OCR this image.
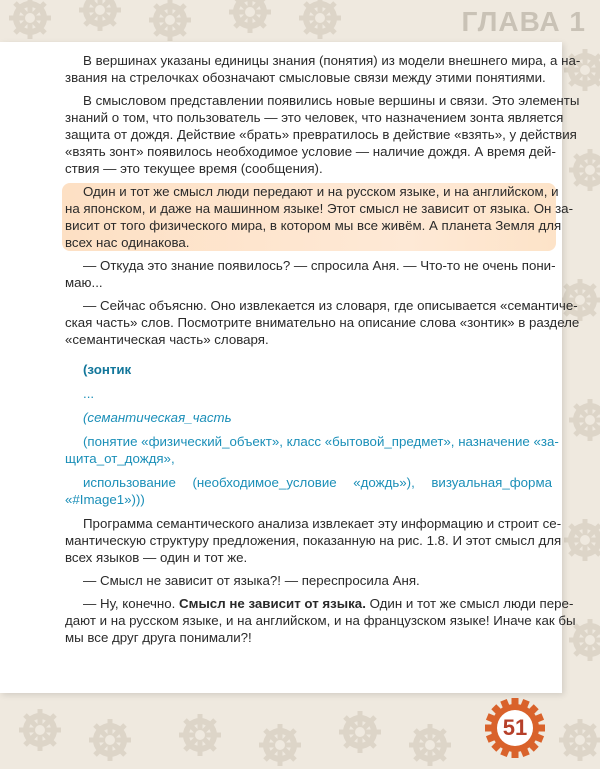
ГЛАВА 1
В вершинах указаны единицы знания (понятия) из модели внешнего мира, а на-
звания на стрелочках обозначают смысловые связи между этими понятиями.
В смысловом представлении появились новые вершины и связи. Это элементы
знаний о том, что пользователь — это человек, что назначением зонта является
защита от дождя. Действие «брать» превратилось в действие «взять», у действия
«взять зонт» появилось необходимое условие — наличие дождя. А время дей-
ствия — это текущее время (сообщения).
Один и тот же смысл люди передают и на русском языке, и на английском, и
на японском, и даже на машинном языке! Этот смысл не зависит от языка. Он за-
висит от того физического мира, в котором мы все живём. А планета Земля для
всех нас одинакова.
— Откуда это знание появилось? — спросила Аня. — Что-то не очень пони-
маю...
— Сейчас объясню. Оно извлекается из словаря, где описывается «семантиче-
ская часть» слов. Посмотрите внимательно на описание слова «зонтик» в разделе
«семантическая часть» словаря.
(зонтик
...
(семантическая_часть
(понятие «физический_объект», класс «бытовой_предмет», назначение «за-
щита_от_дождя»,
использование (необходимое_условие «дождь»), визуальная_форма
«#Image1»)))
Программа семантического анализа извлекает эту информацию и строит се-
мантическую структуру предложения, показанную на рис. 1.8. И этот смысл для
всех языков — один и тот же.
— Смысл не зависит от языка?! — переспросила Аня.
— Ну, конечно. Смысл не зависит от языка. Один и тот же смысл люди пере-
дают и на русском языке, и на английском, и на французском языке! Иначе как бы
мы все друг друга понимали?!
51
